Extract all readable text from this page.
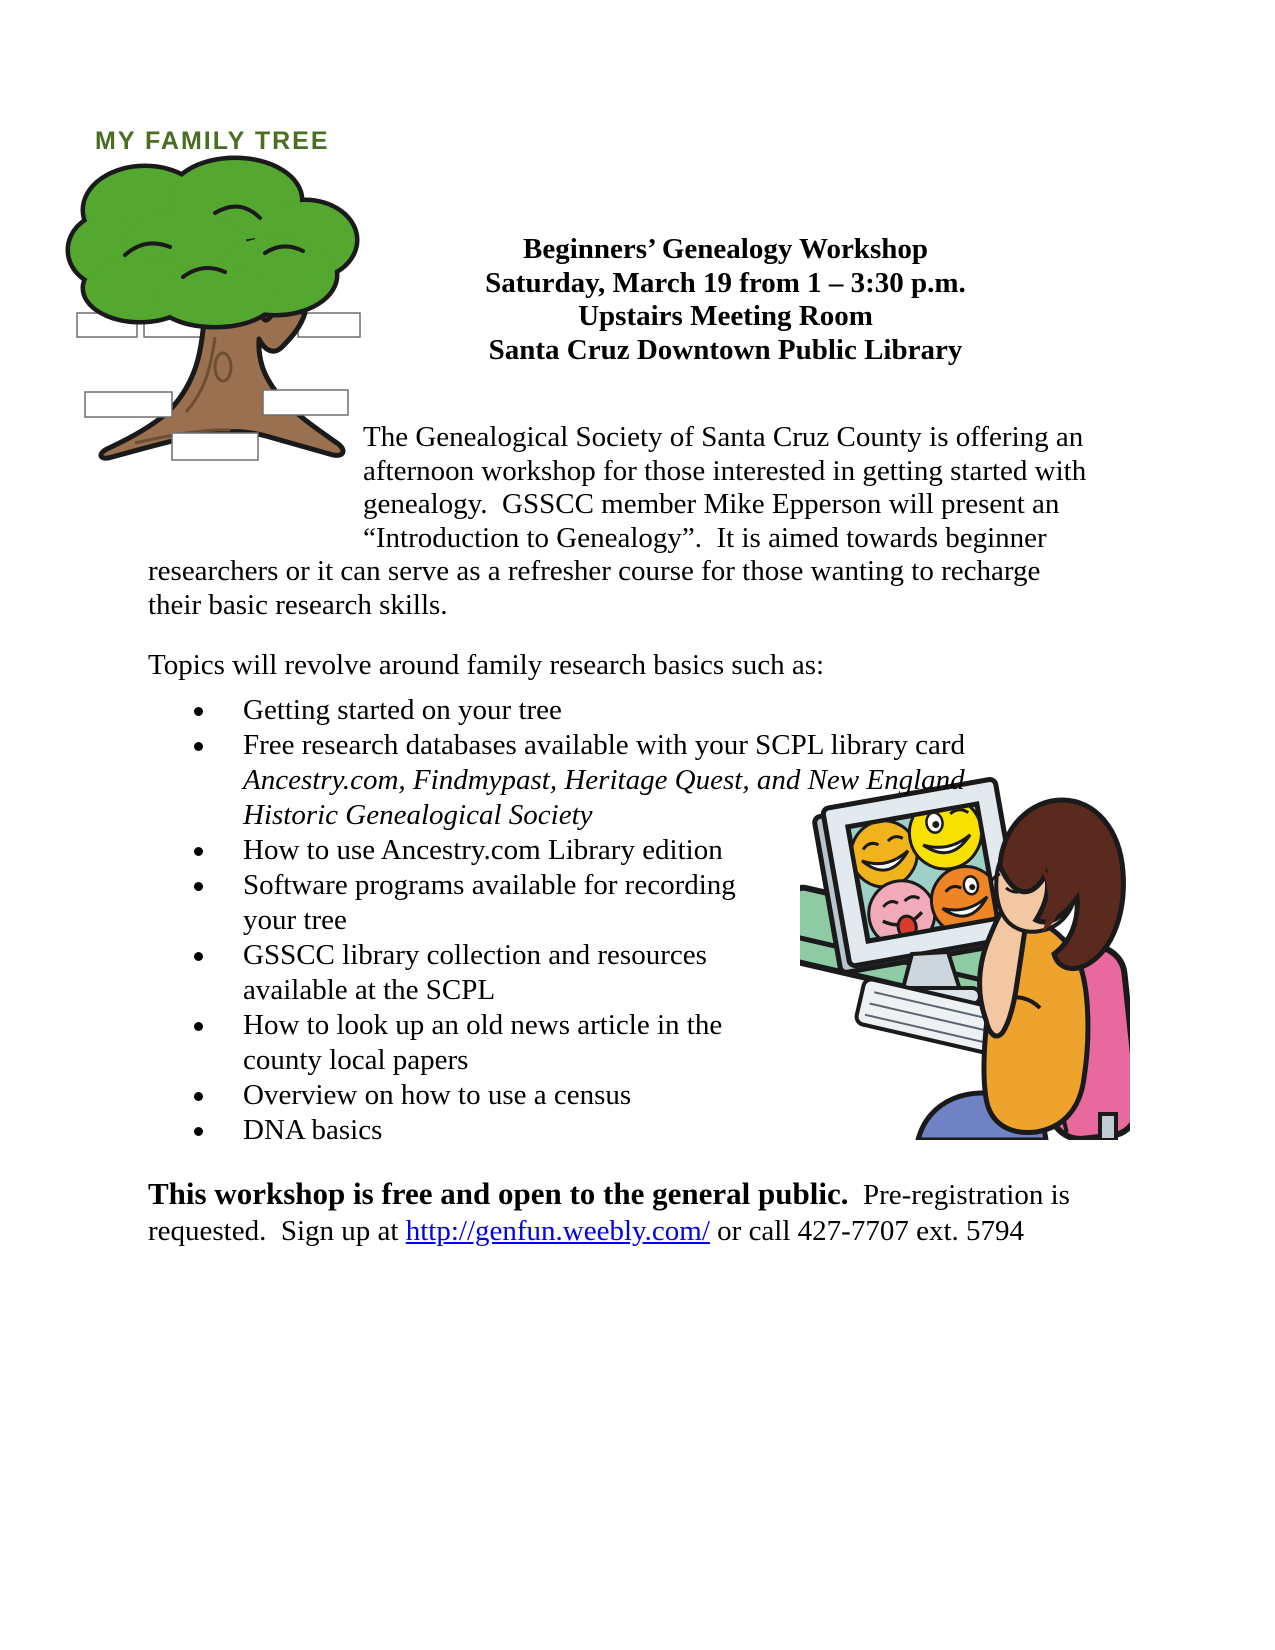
MY FAMILY TREE
Beginners’ Genealogy Workshop
Saturday, March 19 from 1 – 3:30 p.m.
Upstairs Meeting Room
Santa Cruz Downtown Public Library

The Genealogical Society of Santa Cruz County is offering an afternoon workshop for those interested in getting started with genealogy.  GSSCC member Mike Epperson will present an “Introduction to Genealogy”.  It is aimed towards beginner researchers or it can serve as a refresher course for those wanting to recharge their basic research skills.

Topics will revolve around family research basics such as:

Getting started on your tree
Free research databases available with your SCPL library card
Ancestry.com, Findmypast, Heritage Quest, and New England Historic Genealogical Society
How to use Ancestry.com Library edition
Software programs available for recording your tree
GSSCC library collection and resources available at the SCPL
How to look up an old news article in the county local papers
Overview on how to use a census
DNA basics

This workshop is free and open to the general public.  Pre-registration is requested.  Sign up at http://genfun.weebly.com/ or call 427-7707 ext. 5794
